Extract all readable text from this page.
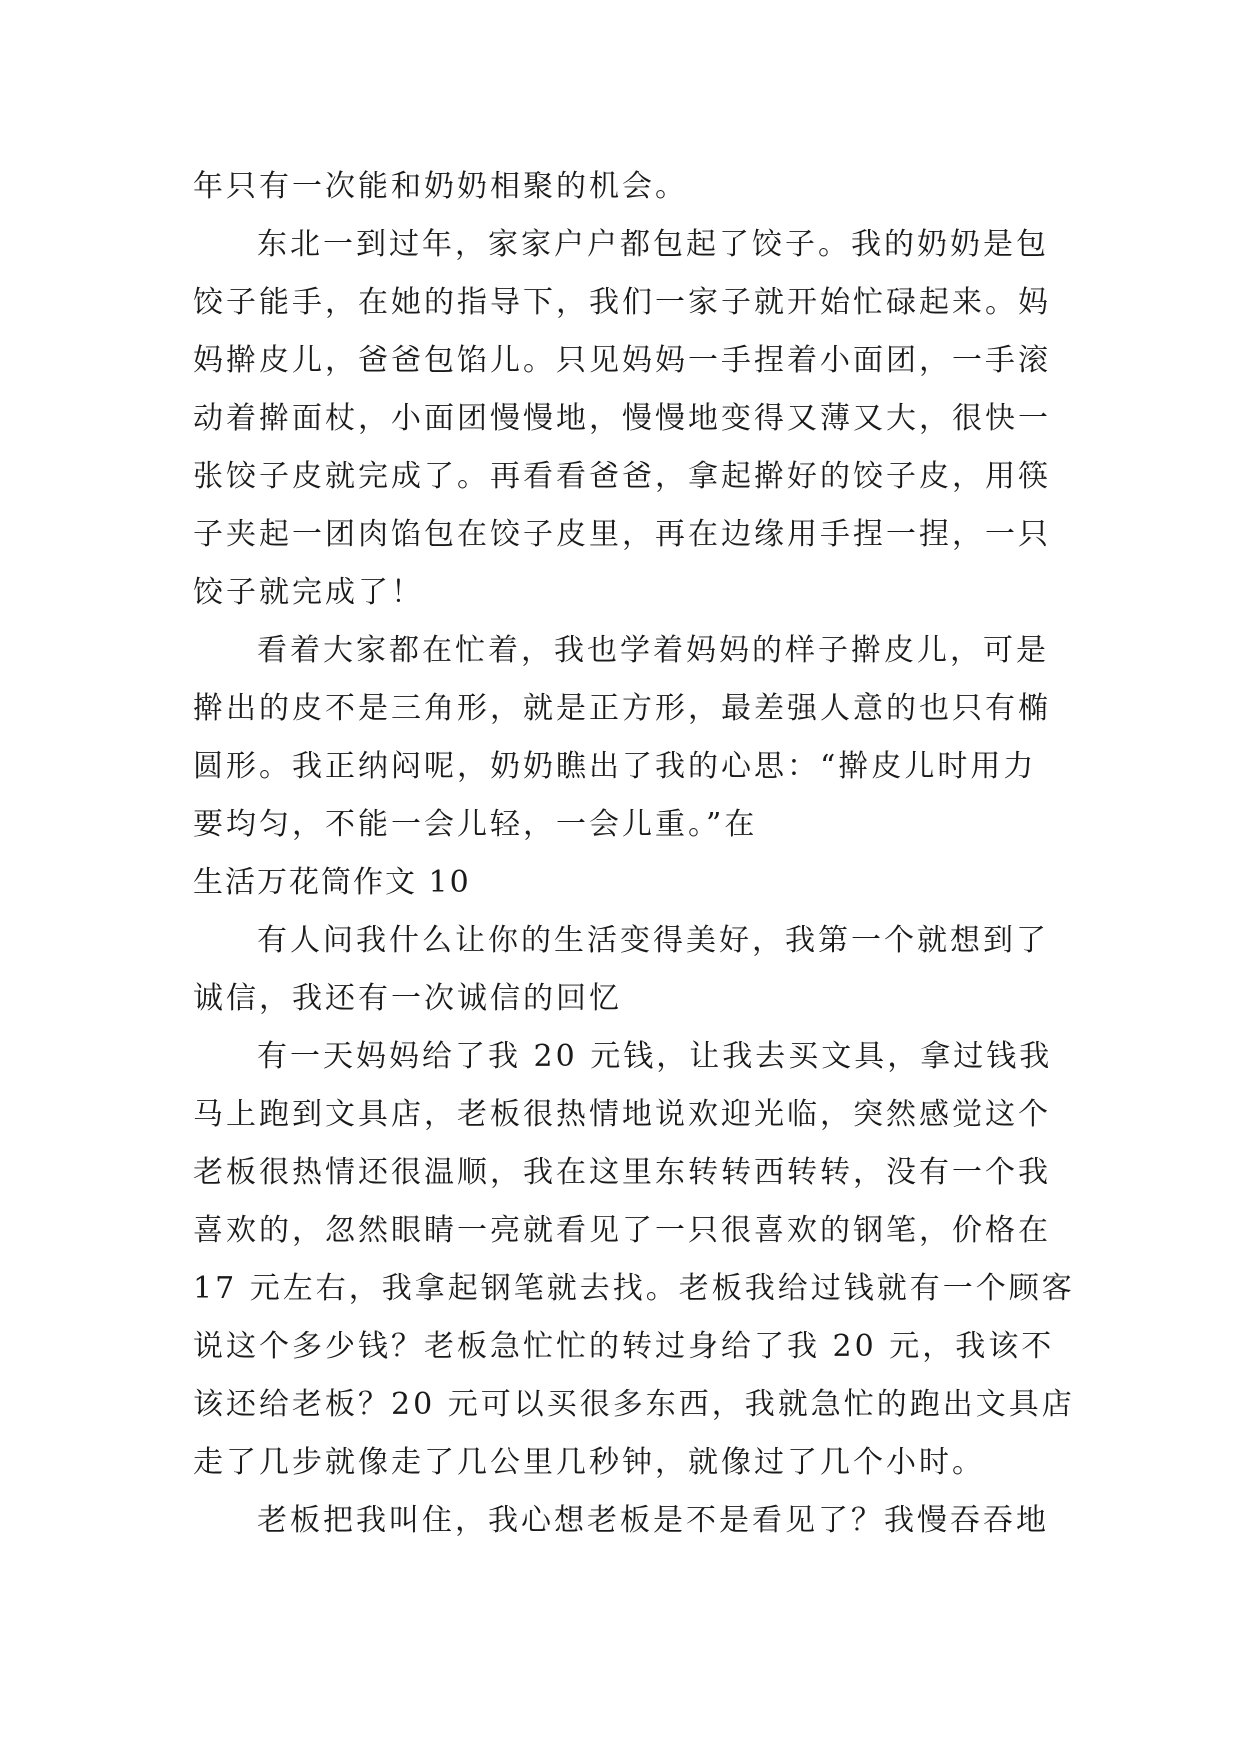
年只有一次能和奶奶相聚的机会。
东北一到过年，家家户户都包起了饺子。我的奶奶是包
饺子能手，在她的指导下，我们一家子就开始忙碌起来。妈
妈擀皮儿，爸爸包馅儿。只见妈妈一手捏着小面团，一手滚
动着擀面杖，小面团慢慢地，慢慢地变得又薄又大，很快一
张饺子皮就完成了。再看看爸爸，拿起擀好的饺子皮，用筷
子夹起一团肉馅包在饺子皮里，再在边缘用手捏一捏，一只
饺子就完成了！
看着大家都在忙着，我也学着妈妈的样子擀皮儿，可是
擀出的皮不是三角形，就是正方形，最差强人意的也只有椭
圆形。我正纳闷呢，奶奶瞧出了我的心思：“擀皮儿时用力
要均匀，不能一会儿轻，一会儿重。”在
生活万花筒作文 10
有人问我什么让你的生活变得美好，我第一个就想到了
诚信，我还有一次诚信的回忆
有一天妈妈给了我 20 元钱，让我去买文具，拿过钱我
马上跑到文具店，老板很热情地说欢迎光临，突然感觉这个
老板很热情还很温顺，我在这里东转转西转转，没有一个我
喜欢的，忽然眼睛一亮就看见了一只很喜欢的钢笔，价格在
17 元左右，我拿起钢笔就去找。老板我给过钱就有一个顾客
说这个多少钱？老板急忙忙的转过身给了我 20 元，我该不
该还给老板？20 元可以买很多东西，我就急忙的跑出文具店
走了几步就像走了几公里几秒钟，就像过了几个小时。
老板把我叫住，我心想老板是不是看见了？我慢吞吞地
